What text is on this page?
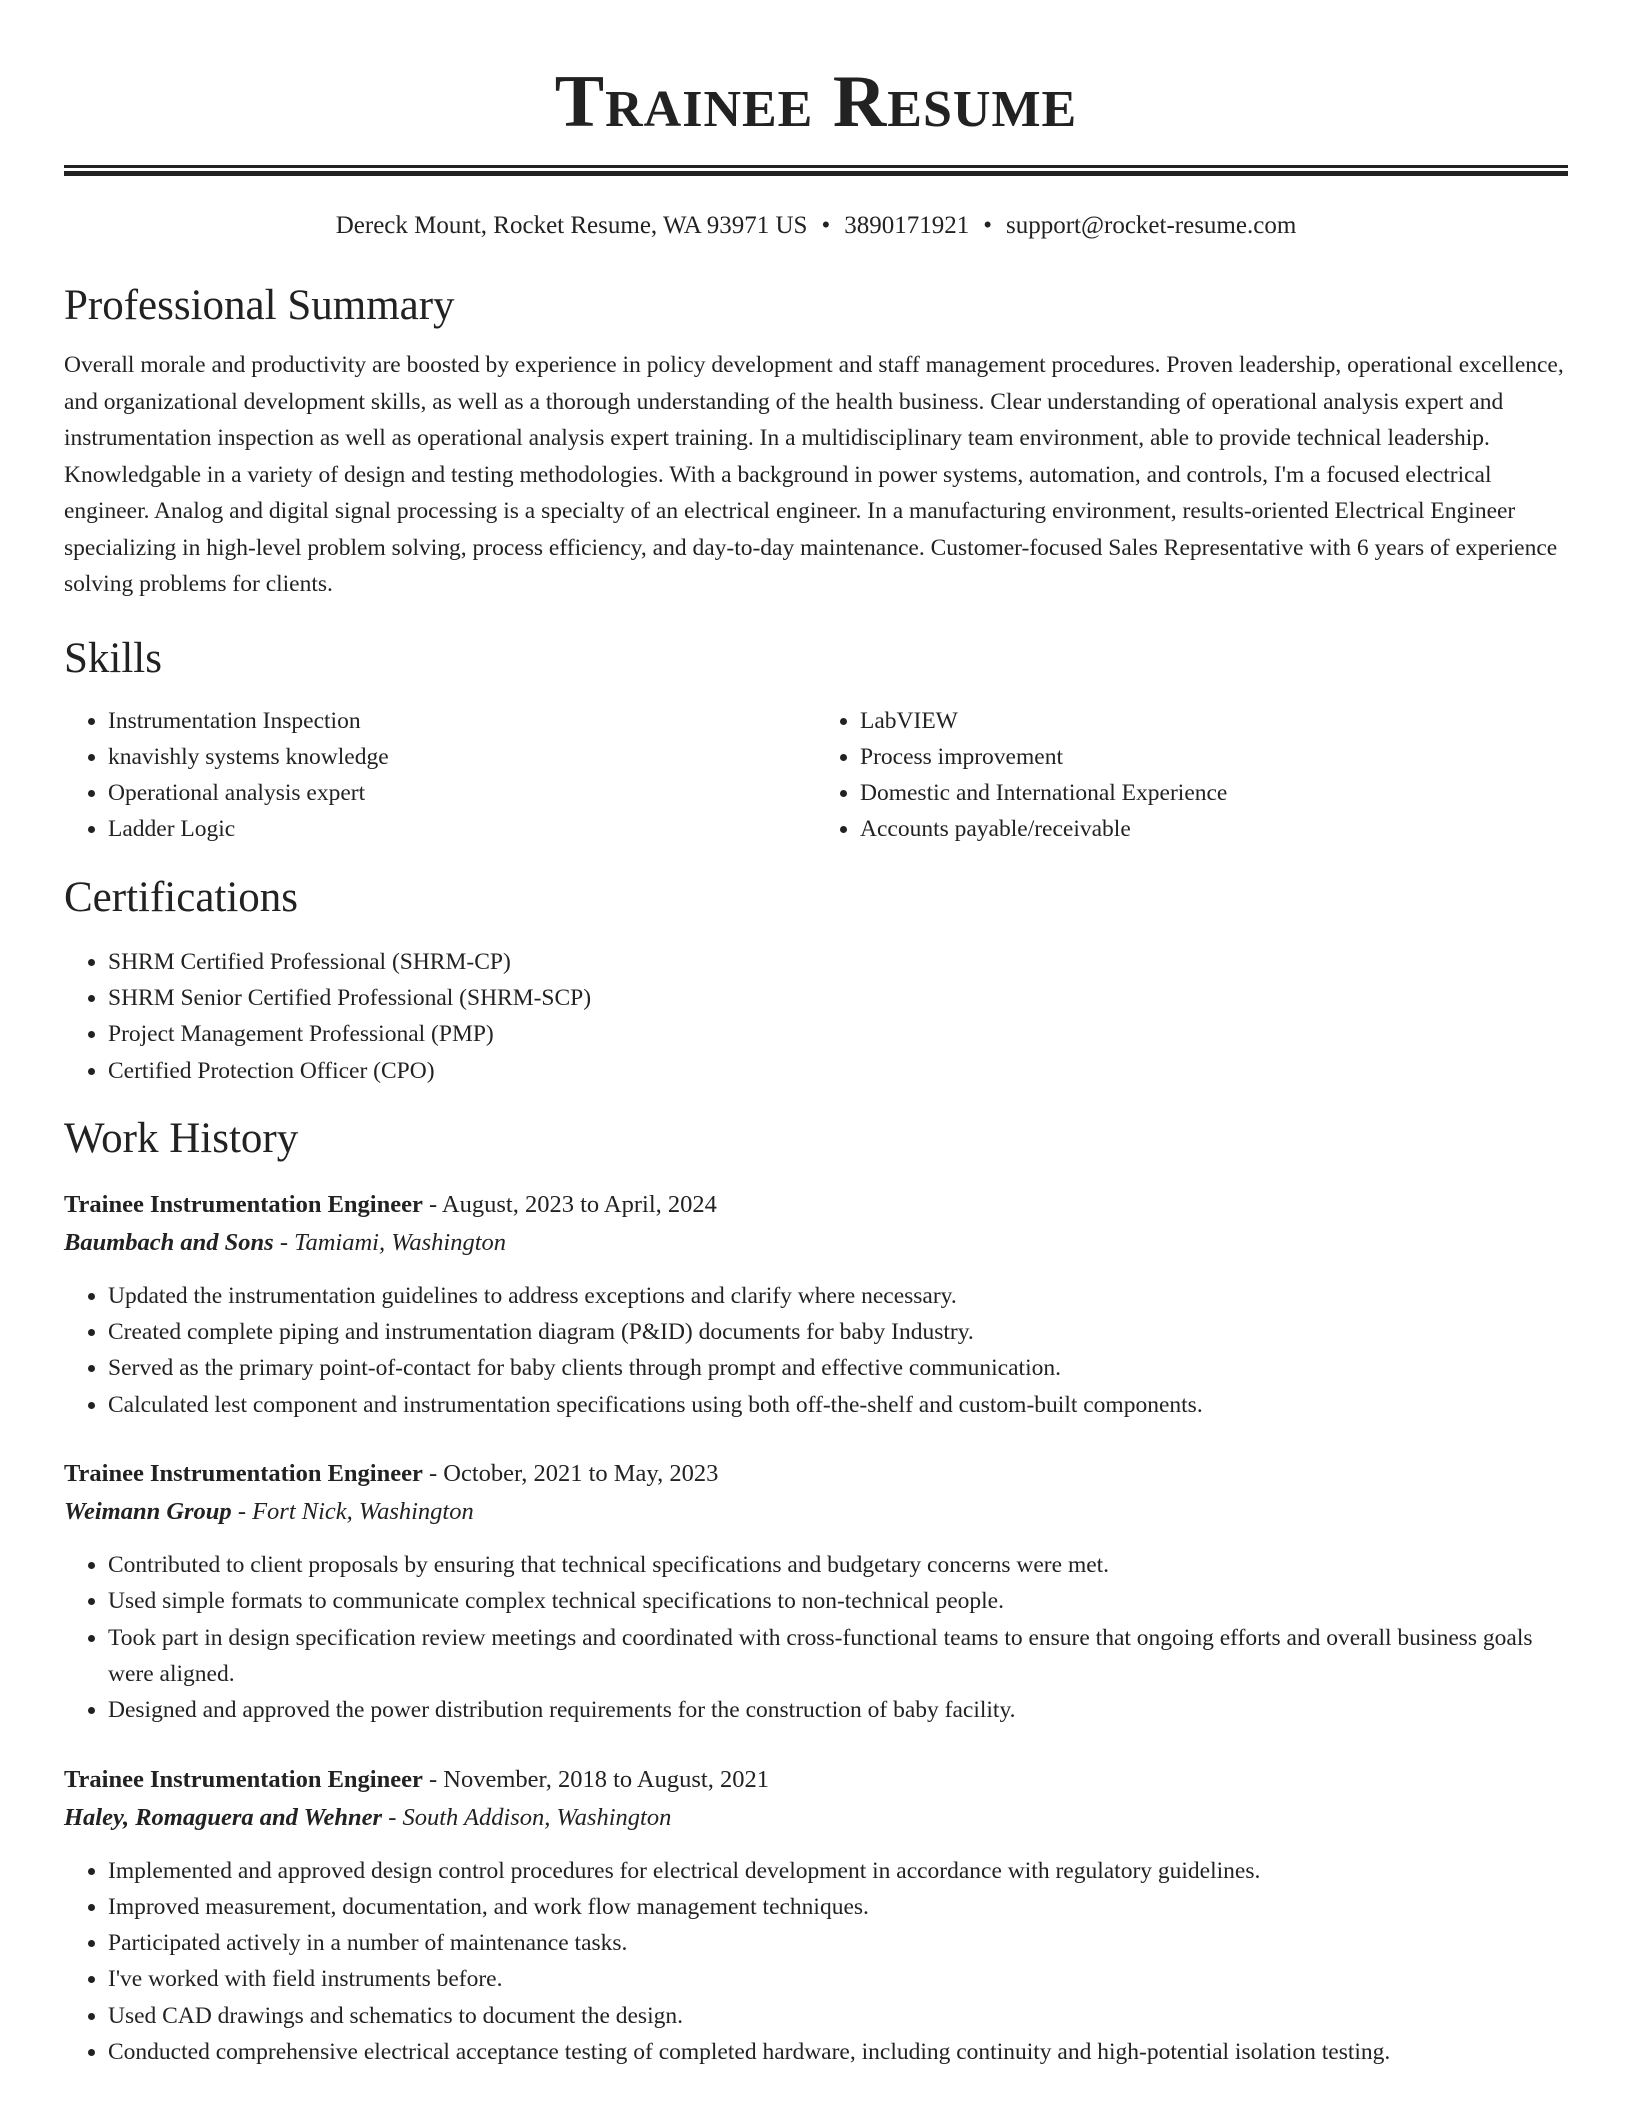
Trainee Resume
Dereck Mount, Rocket Resume, WA 93971 US • 3890171921 • support@rocket-resume.com
Professional Summary

Overall morale and productivity are boosted by experience in policy development and staff management procedures. Proven leadership, operational excellence, and organizational development skills, as well as a thorough understanding of the health business. Clear understanding of operational analysis expert and instrumentation inspection as well as operational analysis expert training. In a multidisciplinary team environment, able to provide technical leadership. Knowledgable in a variety of design and testing methodologies. With a background in power systems, automation, and controls, I'm a focused electrical engineer. Analog and digital signal processing is a specialty of an electrical engineer. In a manufacturing environment, results-oriented Electrical Engineer specializing in high-level problem solving, process efficiency, and day-to-day maintenance. Customer-focused Sales Representative with 6 years of experience solving problems for clients.

Skills
• Instrumentation Inspection
• knavishly systems knowledge
• Operational analysis expert
• Ladder Logic
• LabVIEW
• Process improvement
• Domestic and International Experience
• Accounts payable/receivable
Certifications
• SHRM Certified Professional (SHRM-CP)
• SHRM Senior Certified Professional (SHRM-SCP)
• Project Management Professional (PMP)
• Certified Protection Officer (CPO)
Work History
Trainee Instrumentation Engineer - August, 2023 to April, 2024
Baumbach and Sons - Tamiami, Washington
• Updated the instrumentation guidelines to address exceptions and clarify where necessary.
• Created complete piping and instrumentation diagram (P&ID) documents for baby Industry.
• Served as the primary point-of-contact for baby clients through prompt and effective communication.
• Calculated lest component and instrumentation specifications using both off-the-shelf and custom-built components.
Trainee Instrumentation Engineer - October, 2021 to May, 2023
Weimann Group - Fort Nick, Washington
• Contributed to client proposals by ensuring that technical specifications and budgetary concerns were met.
• Used simple formats to communicate complex technical specifications to non-technical people.
• Took part in design specification review meetings and coordinated with cross-functional teams to ensure that ongoing efforts and overall business goals were aligned.
• Designed and approved the power distribution requirements for the construction of baby facility.
Trainee Instrumentation Engineer - November, 2018 to August, 2021
Haley, Romaguera and Wehner - South Addison, Washington
• Implemented and approved design control procedures for electrical development in accordance with regulatory guidelines.
• Improved measurement, documentation, and work flow management techniques.
• Participated actively in a number of maintenance tasks.
• I've worked with field instruments before.
• Used CAD drawings and schematics to document the design.
• Conducted comprehensive electrical acceptance testing of completed hardware, including continuity and high-potential isolation testing.
